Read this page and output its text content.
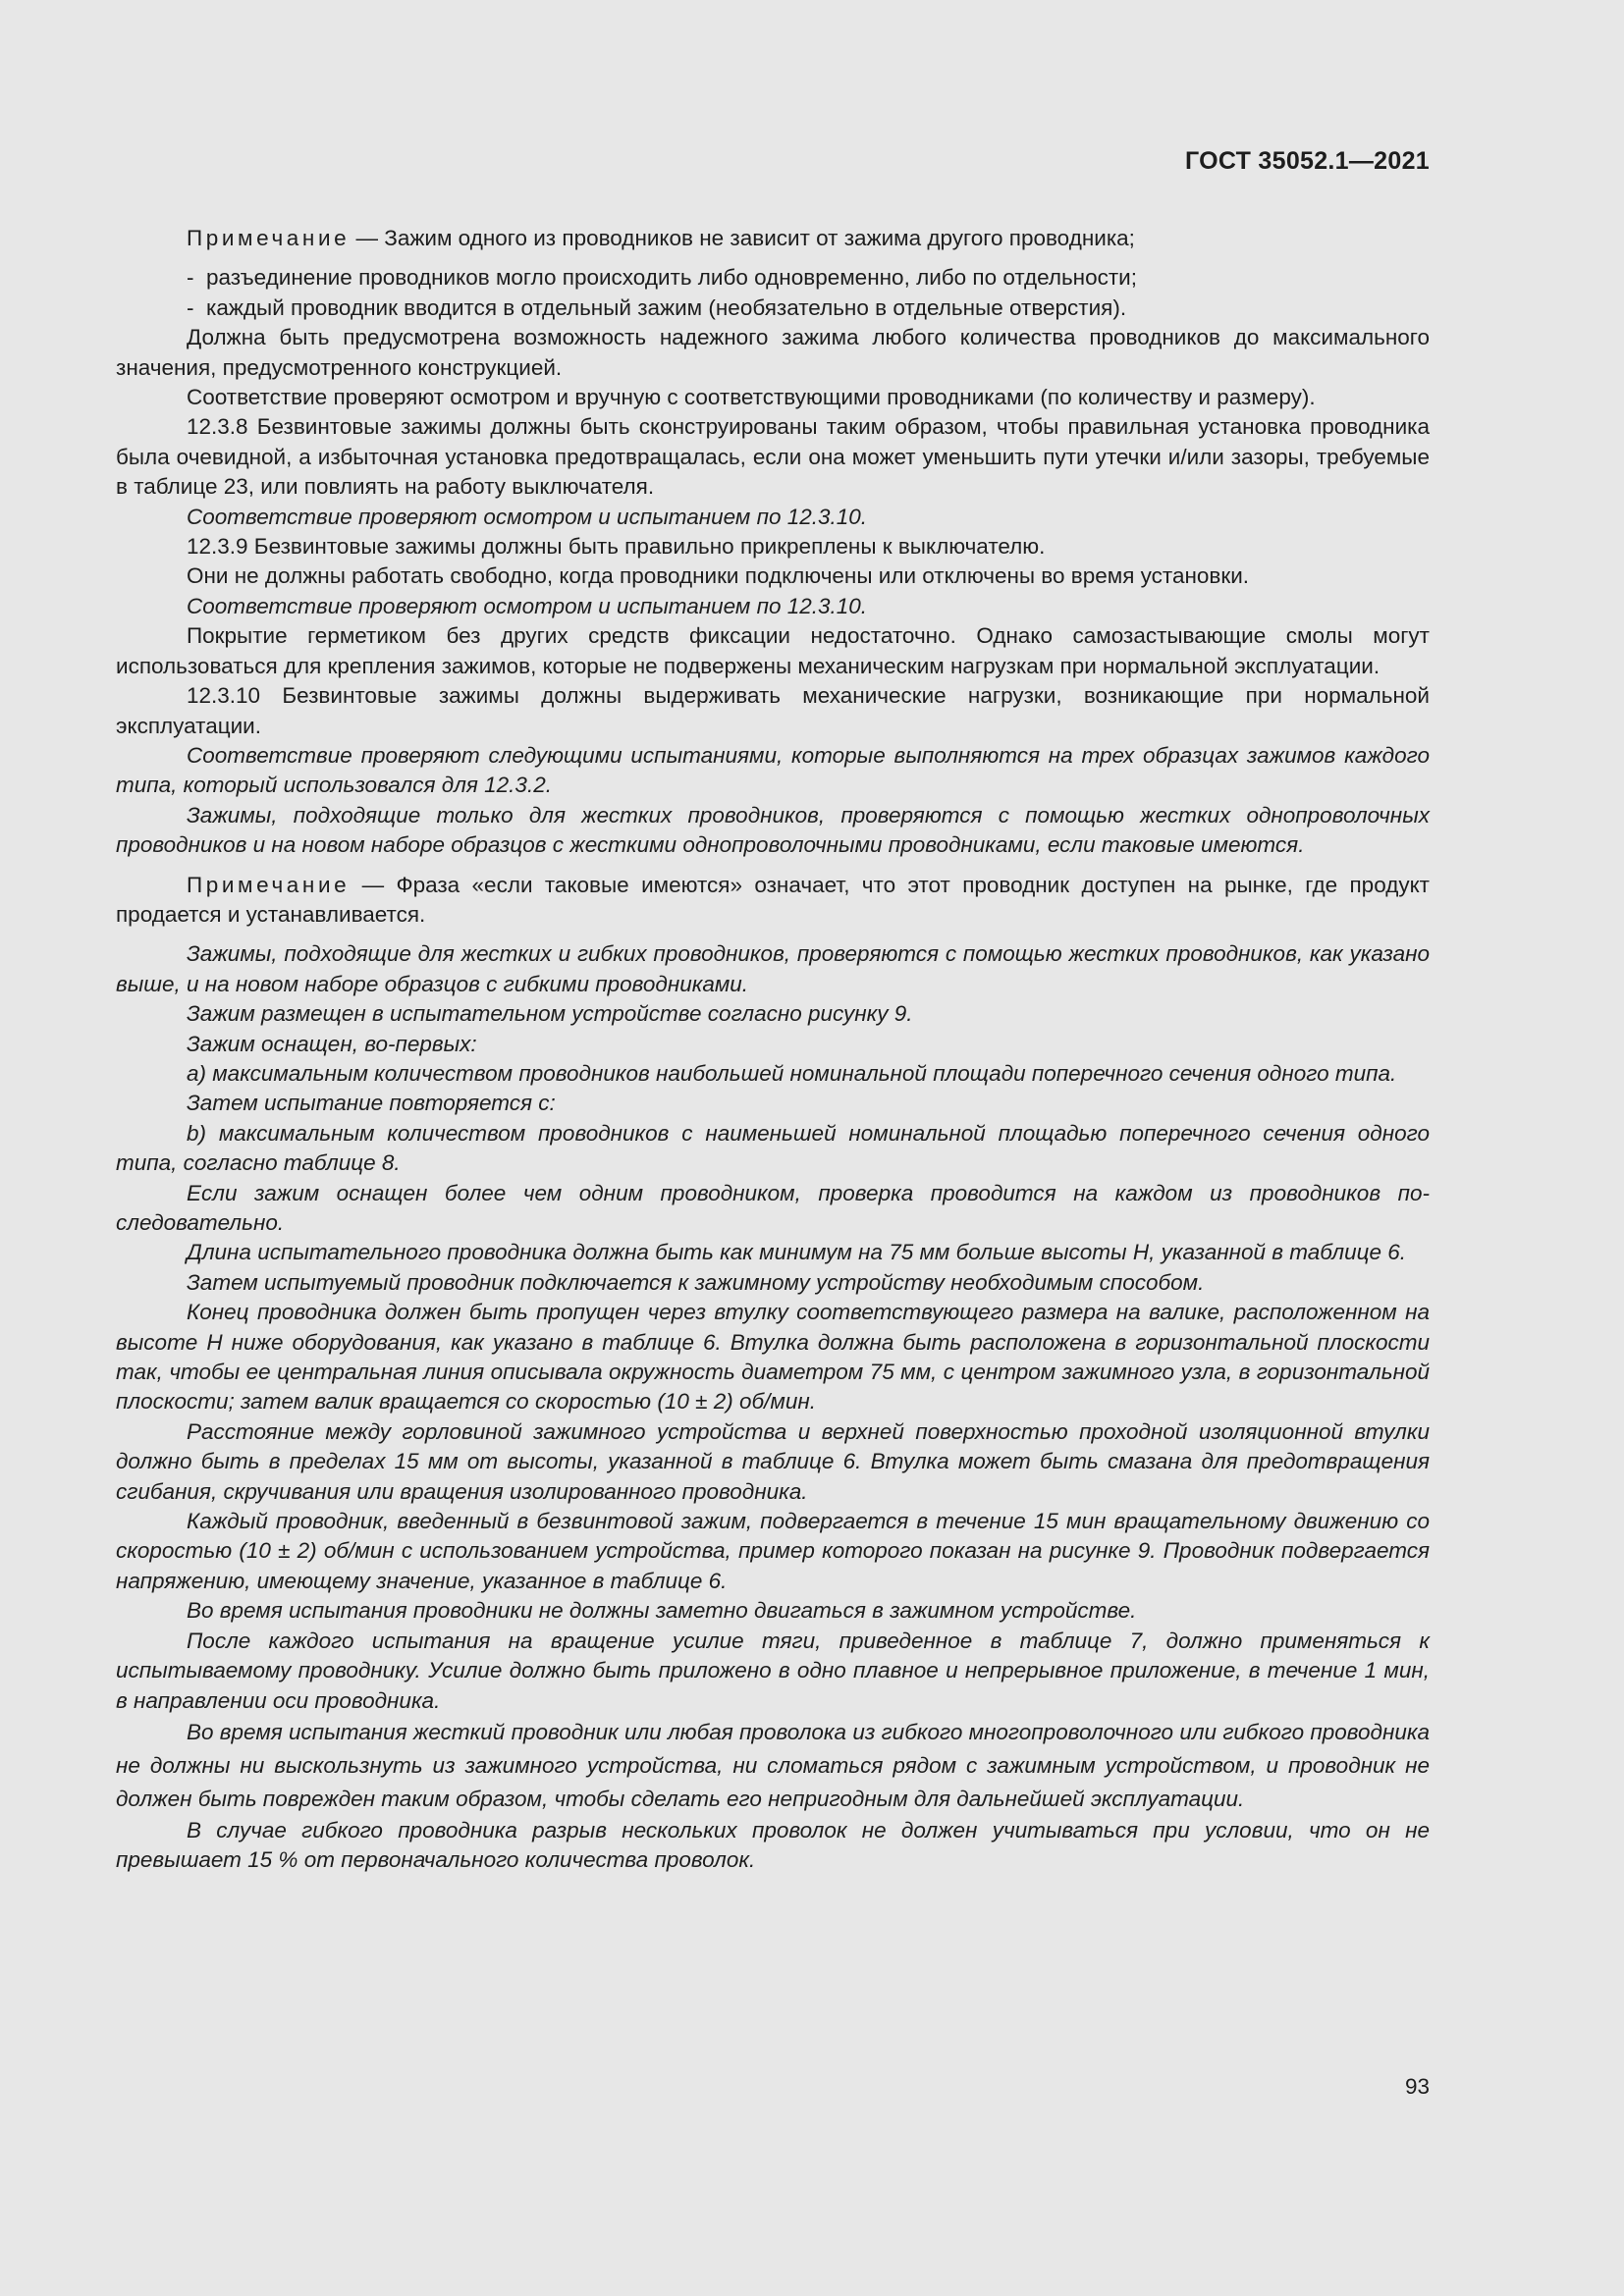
ГОСТ 35052.1—2021

Примечание — Зажим одного из проводников не зависит от зажима другого проводника;

- разъединение проводников могло происходить либо одновременно, либо по отдельности;

- каждый проводник вводится в отдельный зажим (необязательно в отдельные отверстия).

Должна быть предусмотрена возможность надежного зажима любого количества проводников до максимального значения, предусмотренного конструкцией.

Соответствие проверяют осмотром и вручную с соответствующими проводниками (по количеству и размеру).

12.3.8 Безвинтовые зажимы должны быть сконструированы таким образом, чтобы правильная установка проводника была очевидной, а избыточная установка предотвращалась, если она может уменьшить пути утечки и/или зазоры, требуемые в таблице 23, или повлиять на работу выключателя.

Соответствие проверяют осмотром и испытанием по 12.3.10.

12.3.9 Безвинтовые зажимы должны быть правильно прикреплены к выключателю.

Они не должны работать свободно, когда проводники подключены или отключены во время установки.

Соответствие проверяют осмотром и испытанием по 12.3.10.

Покрытие герметиком без других средств фиксации недостаточно. Однако самозастывающие смолы могут использоваться для крепления зажимов, которые не подвержены механическим нагрузкам при нормальной эксплуатации.

12.3.10 Безвинтовые зажимы должны выдерживать механические нагрузки, возникающие при нормальной эксплуатации.

Соответствие проверяют следующими испытаниями, которые выполняются на трех образцах зажимов каждого типа, который использовался для 12.3.2.

Зажимы, подходящие только для жестких проводников, проверяются с помощью жестких однопроволочных проводников и на новом наборе образцов с жесткими однопроволочными проводниками, если таковые имеются.

Примечание — Фраза «если таковые имеются» означает, что этот проводник доступен на рынке, где продукт продается и устанавливается.

Зажимы, подходящие для жестких и гибких проводников, проверяются с помощью жестких проводников, как указано выше, и на новом наборе образцов с гибкими проводниками.

Зажим размещен в испытательном устройстве согласно рисунку 9.

Зажим оснащен, во-первых:

a) максимальным количеством проводников наибольшей номинальной площади поперечного сечения одного типа.

Затем испытание повторяется с:

b) максимальным количеством проводников с наименьшей номинальной площадью поперечного сечения одного типа, согласно таблице 8.

Если зажим оснащен более чем одним проводником, проверка проводится на каждом из проводников последовательно.

Длина испытательного проводника должна быть как минимум на 75 мм больше высоты H, указанной в таблице 6.

Затем испытуемый проводник подключается к зажимному устройству необходимым способом.

Конец проводника должен быть пропущен через втулку соответствующего размера на валике, расположенном на высоте H ниже оборудования, как указано в таблице 6. Втулка должна быть расположена в горизонтальной плоскости так, чтобы ее центральная линия описывала окружность диаметром 75 мм, с центром зажимного узла, в горизонтальной плоскости; затем валик вращается со скоростью (10 ± 2) об/мин.

Расстояние между горловиной зажимного устройства и верхней поверхностью проходной изоляционной втулки должно быть в пределах 15 мм от высоты, указанной в таблице 6. Втулка может быть смазана для предотвращения сгибания, скручивания или вращения изолированного проводника.

Каждый проводник, введенный в безвинтовой зажим, подвергается в течение 15 мин вращательному движению со скоростью (10 ± 2) об/мин с использованием устройства, пример которого показан на рисунке 9. Проводник подвергается напряжению, имеющему значение, указанное в таблице 6.

Во время испытания проводники не должны заметно двигаться в зажимном устройстве.

После каждого испытания на вращение усилие тяги, приведенное в таблице 7, должно применяться к испытываемому проводнику. Усилие должно быть приложено в одно плавное и непрерывное приложение, в течение 1 мин, в направлении оси проводника.

Во время испытания жесткий проводник или любая проволока из гибкого многопроволочного или гибкого проводника не должны ни выскользнуть из зажимного устройства, ни сломаться рядом с зажимным устройством, и проводник не должен быть поврежден таким образом, чтобы сделать его непригодным для дальнейшей эксплуатации.

В случае гибкого проводника разрыв нескольких проволок не должен учитываться при условии, что он не превышает 15 % от первоначального количества проволок.

93
